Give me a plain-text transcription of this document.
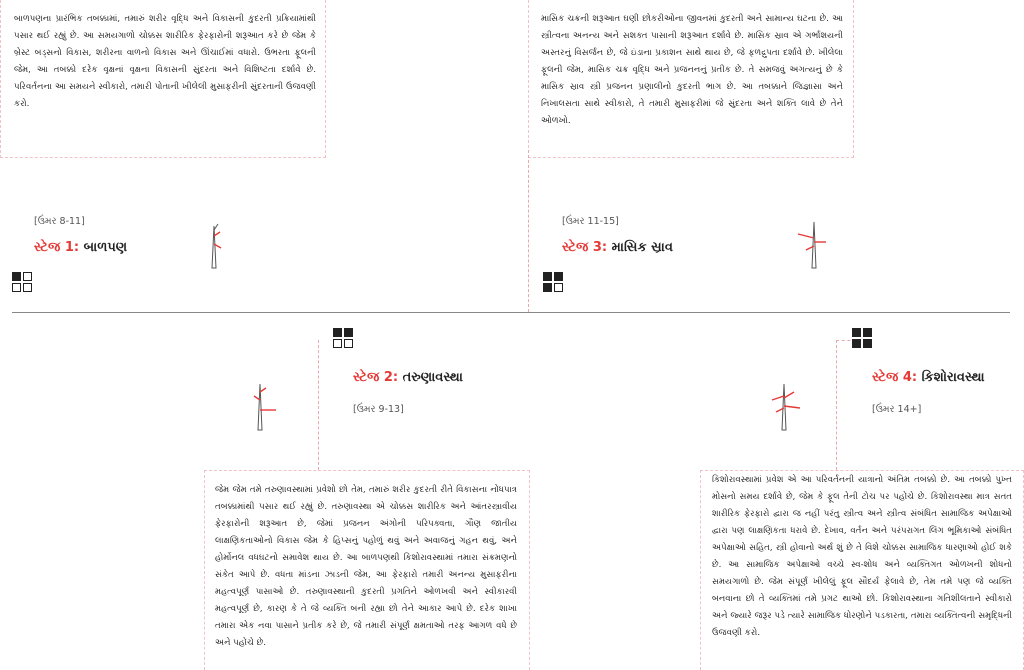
બાળપણના પ્રારંભિક તબક્કામાં, તમારું શરીર વૃદ્ધિ અને વિકાસની કુદરતી પ્રક્રિયામાંથી પસાર થઈ રહ્યું છે. આ સમયગાળો ચોક્કસ શારીરિક ફેરફારોની શરૂઆત કરે છે જેમ કે બ્રેસ્ટ બડ્સનો વિકાસ, શરીરના વાળનો વિકાસ અને ઊંચાઈમાં વધારો. ઉભરતા ફૂલની જેમ, આ તબક્કો દરેક વૃક્ષનાં વૃક્ષના વિકાસની સુંદરતા અને વિશિષ્ટતા દર્શાવે છે. પરિવર્તનના આ સમયને સ્વીકારો, તમારી પોતાની ખીલેલી મુસાફરીની સુંદરતાની ઉજવણી કરો.

માસિક ચક્રની શરૂઆત ઘણી છોકરીઓના જીવનમાં કુદરતી અને સામાન્ય ઘટના છે. આ સ્ત્રીત્વના અનન્ય અને સશક્ત પાસાની શરૂઆત દર્શાવે છે. માસિક સ્રાવ એ ગર્ભાશયની અસ્તરનું વિસર્જન છે, જે ઇંડાના પ્રકાશન સાથે થાય છે, જે ફળદ્રુપતા દર્શાવે છે. ખીલેલા ફૂલની જેમ, માસિક ચક્ર વૃદ્ધિ અને પ્રજનનનું પ્રતીક છે. તે સમજવું અગત્યનું છે કે માસિક સ્રાવ સ્ત્રી પ્રજનન પ્રણાલીનો કુદરતી ભાગ છે. આ તબક્કાને જિજ્ઞાસા અને નિખાલસતા સાથે સ્વીકારો, તે તમારી મુસાફરીમાં જે સુંદરતા અને શક્તિ લાવે છે તેને ઓળખો.

જેમ જેમ તમે તરુણાવસ્થામાં પ્રવેશો છો તેમ, તમારું શરીર કુદરતી રીતે વિકાસના નોંધપાત્ર તબક્કામાંથી પસાર થઈ રહ્યું છે. તરુણાવસ્થા એ ચોક્કસ શારીરિક અને આંતરસ્ત્રાવીય ફેરફારોની શરૂઆત છે, જેમાં પ્રજનન અંગોની પરિપક્વતા, ગૌણ જાતીય લાક્ષણિકતાઓનો વિકાસ જેમ કે હિપ્સનું પહોળું થવું અને અવાજનું ગહન થવું, અને હોર્મોનલ વધઘટનો સમાવેશ થાય છે. આ બાળપણથી કિશોરાવસ્થામાં તમારા સંક્રમણનો સંકેત આપે છે. વધતા માંડના ઝાડની જેમ, આ ફેરફારો તમારી અનન્ય મુસાફરીના મહત્વપૂર્ણ પાસાઓ છે. તરુણાવસ્થાની કુદરતી પ્રગતિને ઓળખવી અને સ્વીકારવી મહત્વપૂર્ણ છે, કારણ કે તે જે વ્યક્તિ બની રહ્યા છો તેને આકાર આપે છે. દરેક શાખા તમારા એક નવા પાસાને પ્રતીક કરે છે, જે તમારી સંપૂર્ણ ક્ષમતાઓ તરફ આગળ વધે છે અને પહોંચે છે.

કિશોરાવસ્થામાં પ્રવેશ એ આ પરિવર્તનની યાત્રાનો અંતિમ તબક્કો છે. આ તબક્કો પુખ્ત મોસનો સમય દર્શાવે છે, જેમ કે ફૂલ તેની ટોચ પર પહોંચે છે. કિશોરાવસ્થા માત્ર સતત શારીરિક ફેરફારો દ્વારા જ નહીં પરંતુ સ્ત્રીત્વ અને સ્ત્રીત્વ સંબંધિત સામાજિક અપેક્ષાઓ દ્વારા પણ લાક્ષણિકતા ધરાવે છે. દેખાવ, વર્તન અને પરંપરાગત લિંગ ભૂમિકાઓ સંબંધિત અપેક્ષાઓ સહિત, સ્ત્રી હોવાનો અર્થ શું છે તે વિશે ચોક્કસ સામાજિક ધારણાઓ હોઈ શકે છે. આ સામાજિક અપેક્ષાઓ વચ્ચે સ્વ-શોધ અને વ્યક્તિગત ઓળખની શોધનો સમયગાળો છે. જેમ સંપૂર્ણ ખીલેલું ફૂલ સૌંદર્ય ફેલાવે છે, તેમ તમે પણ જે વ્યક્તિ બનવાના છો તે વ્યક્તિમાં તમે પ્રગટ થાઓ છો. કિશોરાવસ્થાના ગતિશીલતાને સ્વીકારો અને જ્યારે જરૂર પડે ત્યારે સામાજિક ધોરણોને પડકારતા, તમારા વ્યક્તિત્વની સમૃદ્ધિની ઉજવણી કરો.

[ઉંમર 8-11]
સ્ટેજ 1: બાળપણ
[ઉંમર 11-15]
સ્ટેજ 3: માસિક સ્રાવ
સ્ટેજ 2: તરુણાવસ્થા
[ઉંમર 9-13]
સ્ટેજ 4: કિશોરાવસ્થા
[ઉંમર 14+]
